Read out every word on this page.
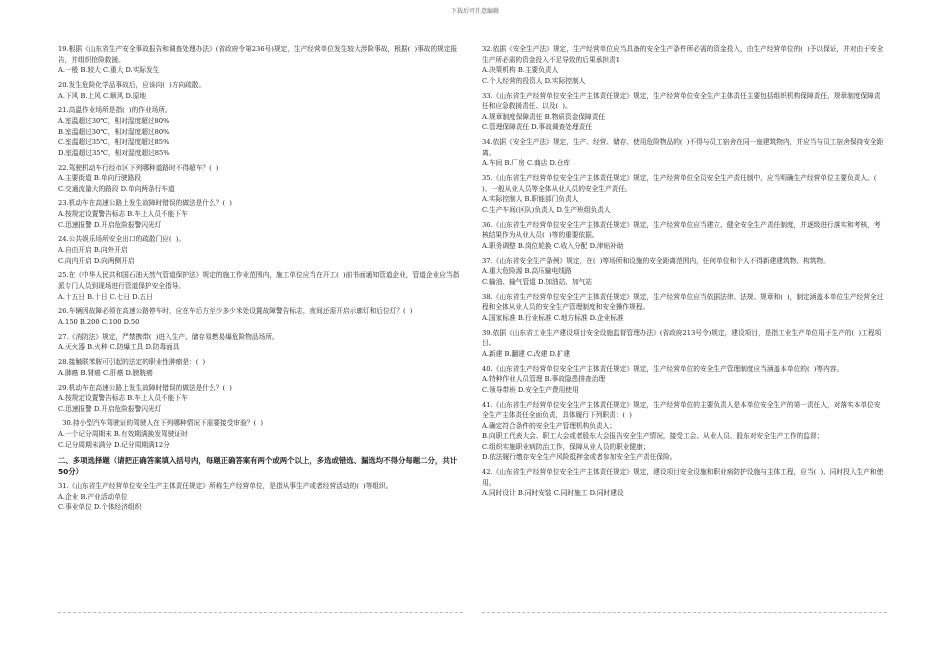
下载后可任意编辑
19.根据《山东省生产安全事故报告和调查处理办法》(省政府令第236号)规定，生产经营单位发生较大涉险事故，根据(  )事故的规定报告，并组织抢险救援。
A.一般 B.较大 C.重大 D.实际发生
20.发生危险化学品事故后，应该向(  )方向疏散。
A.下风 B.上风 C.顺风 D.原地
21.高温作业场所是指(  )的作业场所。
A.室温超过30℃，相对湿度超过80%
B.室温超过30℃，相对湿度超过80%
C.室温超过35℃，相对湿度超过85%
D.室温超过35℃，相对湿度超过85%
22.驾驶机动车行经市区下列哪种道路时不得超车？(  )
A.主要街道 B.单向行驶路段
C.交通流量大的路段 D.单向两条行车道
23.机动车在高速公路上发生故障时错误的做法是什么？(  )
A.按规定设置警告标志 B.车上人员不能下车
C.迅速报警 D.开启危险报警闪光灯
24.公共娱乐场所安全出口的疏散门应(  )。
A.自由开启 B.向外开启
C.向内开启 D.向两侧开启
25.在《中华人民共和国石油天然气管道保护法》规定的施工作业范围内，施工单位应当在开工(  )前书面通知管道企业，管道企业应当指派专门人员到现场进行管道保护安全指导。
A.十五日 B.十日 C.七日 D.五日
26.车辆因故障必须在高速公路停车时，应在车后方至少多少米处设置故障警告标志，夜间还需开启示廓灯和后位灯？(  )
A.150 B.200 C.100 D.50
27.《消防法》规定，严禁携带(  )进入生产、储存易燃易爆危险物品场所。
A.灭火器 B.火种 C.防爆工具 D.防毒面具
28.接触联苯胺可引起的法定的职业性肿瘤是：(  )
A.肺癌 B.肾癌 C.肝癌 D.膀胱癌
29.机动车在高速公路上发生故障时错误的做法是什么？(  )
A.按规定设置警告标志 B.车上人员不能下车
C.迅速报警 D.开启危险报警闪光灯
30.持小型汽车驾驶证的驾驶人在下列哪种情况下需要接受审验？(  )
A.一个记分周期末 B.有效期满换发驾驶证时
C.记分周期未满分 D.记分周期满12分
二、多项选择题（请把正确答案填入括号内，每题正确答案有两个或两个以上，多选或错选、漏选均不得分每题二分，共计50分）
31.《山东省生产经营单位安全生产主体责任规定》所称生产经营单位，是指从事生产或者经营活动的(  )等组织。
A.企业 B.产业活动单位
C.事业单位 D.个体经济组织
32.依据《安全生产法》规定，生产经营单位应当具备的安全生产条件所必需的资金投入，由生产经营单位的(  )予以保证，并对由于安全生产所必需的资金投入不足导致的后果承担责1
A.决策机构 B.主要负责人
C.个人经营的投资人 D.实际控制人
33.《山东省生产经营单位安全生产主体责任规定》规定，生产经营单位安全生产主体责任主要包括组织机构保障责任、规章制度保障责任和应急救援责任、以及(  )。
A.规章制度保障责任 B.物质资金保障责任
C.管理保障责任 D.事故调查处理责任
34.依据《安全生产法》规定，生产、经营、储存、使用危险物品的(  )不得与员工宿舍在同一座建筑物内，并应当与员工宿舍保持安全距离。
A.车间 B.厂房 C.商店 D.仓库
35.《山东省生产经营单位安全生产主体责任规定》规定，生产经营单位全员安全生产责任制中，应当明确生产经营单位主要负责人、(  )、一般从业人员等全体从业人员的安全生产责任。
A.实际控制人 B.职能部门负责人
C.生产车间(区队)负责人 D.生产班组负责人
36.《山东省生产经营单位安全生产主体责任规定》规定，生产经营单位应当建立、健全安全生产责任制度，并逐级进行落实和考核，考核结果作为从业人员(  )等的重要依据。
A.职务调整 B.岗位轮换 C.收入分配 D.津贴补助
37.《山东省安全生产条例》规定，在(  )等场所和设施的安全距离范围内，任何单位和个人不得新建建筑物、构筑物。
A.重大危险源 B.高压输电线路
C.输油、输气管道 D.加油站、加气站
38.《山东省生产经营单位安全生产主体责任规定》规定，生产经营单位应当依据法律、法规、规章和(  )，制定涵盖本单位生产经营全过程和全体从业人员的安全生产管理制度和安全操作规程。
A.国家标准 B.行业标准 C.地方标准 D.企业标准
39.依据《山东省工业生产建设项目安全设施监督管理办法》(省政府213号令)规定，建设项目，是指工业生产单位用于生产的(  )工程项目。
A.新建 B.翻建 C.改建 D.扩建
40.《山东省生产经营单位安全生产主体责任规定》规定，生产经营单位的安全生产管理制度应当涵盖本单位的(  )等内容。
A.特种作业人员管理 B.事故隐患排查治理
C.领导带班 D.安全生产费用使用
41.《山东省生产经营单位安全生产主体责任规定》规定，生产经营单位的主要负责人是本单位安全生产的第一责任人，对落实本单位安全生产主体责任全面负责，具体履行下列职责：(  )
A.确定符合条件的安全生产管理机构负责人；
B.向职工代表大会、职工大会或者股东大会报告安全生产情况，接受工会、从业人员、股东对安全生产工作的监督；
C.组织实施职业病防治工作，保障从业人员的职业健康；
D.依法履行缴存安全生产风险抵押金或者参加安全生产责任保险。
42.《山东省生产经营单位安全生产主体责任规定》规定，建设项目安全设施和职业病防护设施与主体工程，应当(  )、同时投入生产和使用。
A.同时设计 B.同时安装 C.同时施工 D.同时建设
